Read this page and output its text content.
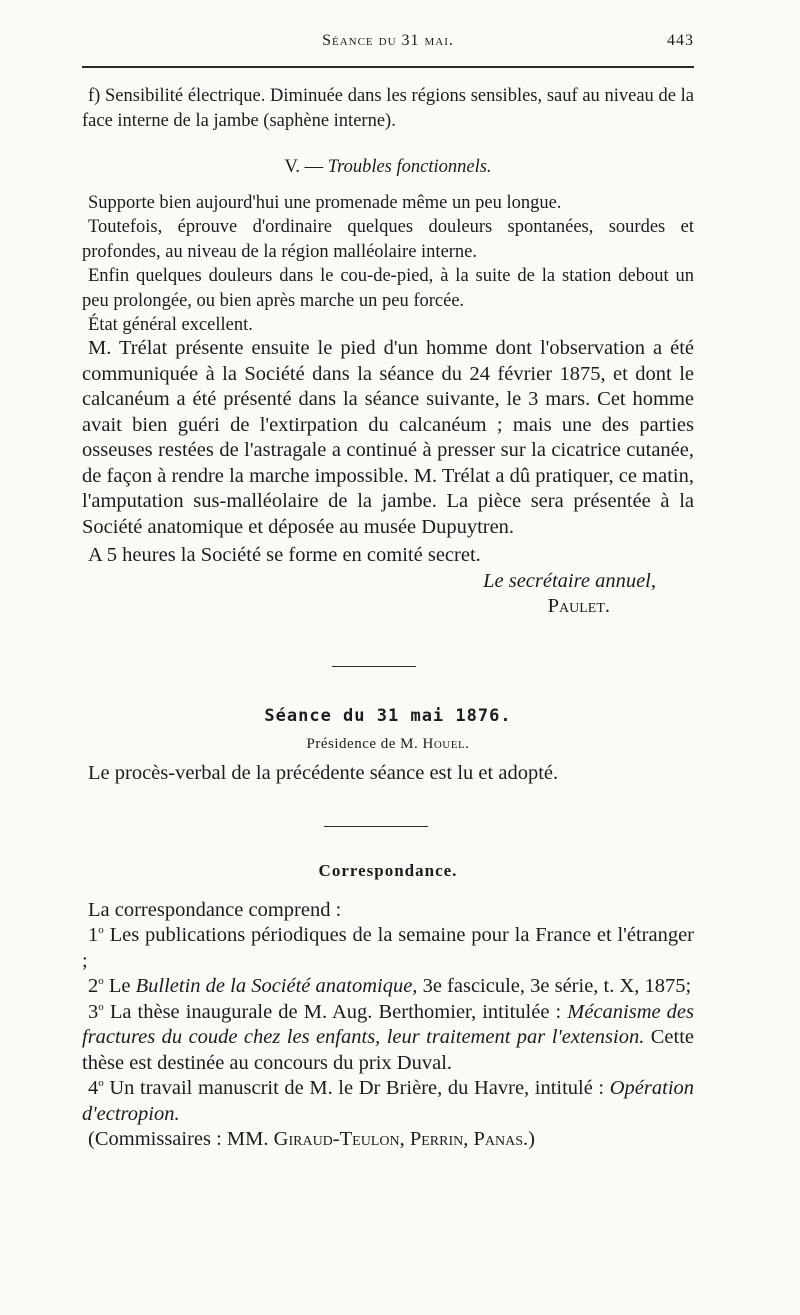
Séance du 31 mai.	443

f) Sensibilité électrique. Diminuée dans les régions sensibles, sauf au niveau de la face interne de la jambe (saphène interne).

V. — Troubles fonctionnels.

Supporte bien aujourd'hui une promenade même un peu longue.

Toutefois, éprouve d'ordinaire quelques douleurs spontanées, sourdes et profondes, au niveau de la région malléolaire interne.

Enfin quelques douleurs dans le cou-de-pied, à la suite de la station debout un peu prolongée, ou bien après marche un peu forcée.

État général excellent.

M. Trélat présente ensuite le pied d'un homme dont l'observation a été communiquée à la Société dans la séance du 24 février 1875, et dont le calcanéum a été présenté dans la séance suivante, le 3 mars. Cet homme avait bien guéri de l'extirpation du calcanéum ; mais une des parties osseuses restées de l'astragale a continué à presser sur la cicatrice cutanée, de façon à rendre la marche impossible. M. Trélat a dû pratiquer, ce matin, l'amputation sus-malléolaire de la jambe. La pièce sera présentée à la Société anatomique et déposée au musée Dupuytren.

A 5 heures la Société se forme en comité secret.

Le secrétaire annuel,

Paulet.

Séance du 31 mai 1876.

Présidence de M. Houel.

Le procès-verbal de la précédente séance est lu et adopté.

Correspondance.

La correspondance comprend :

1$^o$ Les publications périodiques de la semaine pour la France et l'étranger ;

2$^o$ Le Bulletin de la Société anatomique, 3e fascicule, 3e série, t. X, 1875;

3$^o$ La thèse inaugurale de M. Aug. Berthomier, intitulée : Mécanisme des fractures du coude chez les enfants, leur traitement par l'extension. Cette thèse est destinée au concours du prix Duval.

4$^o$ Un travail manuscrit de M. le Dr Brière, du Havre, intitulé : Opération d'ectropion.

(Commissaires : MM. Giraud-Teulon, Perrin, Panas.)
